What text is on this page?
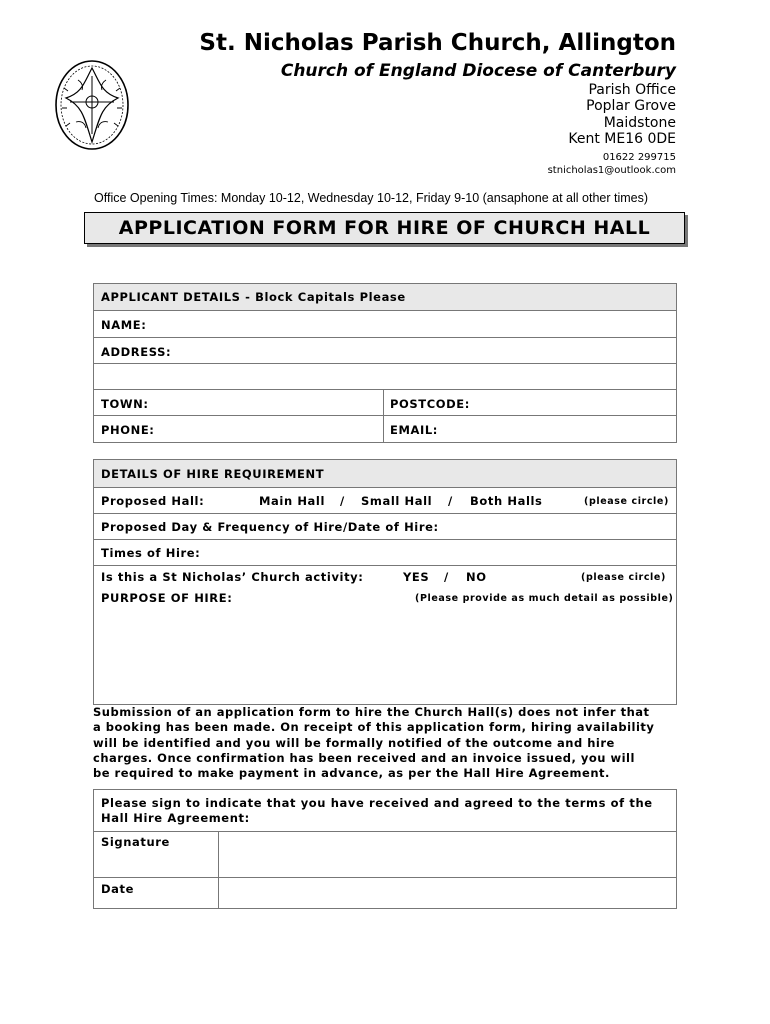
St. Nicholas Parish Church, Allington
Church of England Diocese of Canterbury
Parish Office
Poplar Grove
Maidstone
Kent ME16 0DE
01622 299715
stnicholas1@outlook.com
Office Opening Times: Monday 10-12, Wednesday 10-12, Friday 9-10 (ansaphone at all other times)
APPLICATION FORM FOR HIRE OF CHURCH HALL
APPLICANT DETAILS - Block Capitals Please
NAME:
ADDRESS:
TOWN:	POSTCODE:
PHONE:	EMAIL:
DETAILS OF HIRE REQUIREMENT
Proposed Hall:	Main Hall / Small Hall / Both Halls	(please circle)
Proposed Day & Frequency of Hire/Date of Hire:
Times of Hire:
Is this a St Nicholas’ Church activity:	YES / NO	(please circle)
PURPOSE OF HIRE:	(Please provide as much detail as possible)
Submission of an application form to hire the Church Hall(s) does not infer that
a booking has been made. On receipt of this application form, hiring availability
will be identified and you will be formally notified of the outcome and hire
charges. Once confirmation has been received and an invoice issued, you will
be required to make payment in advance, as per the Hall Hire Agreement.
Please sign to indicate that you have received and agreed to the terms of the
Hall Hire Agreement:
Signature
Date
